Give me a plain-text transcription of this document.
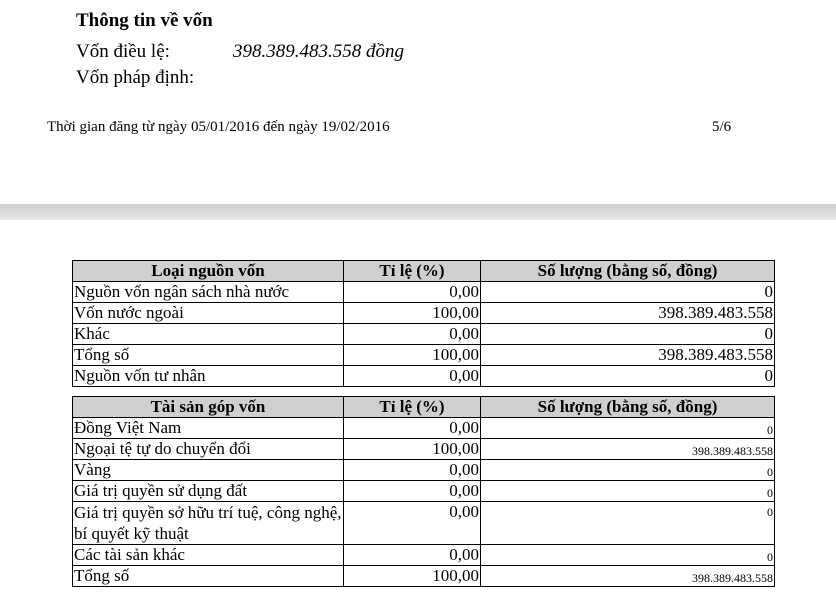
Thông tin về vốn
Vốn điều lệ:	398.389.483.558 đồng
Vốn pháp định:
Thời gian đăng từ ngày 05/01/2016 đến ngày 19/02/2016	5/6
Loại nguồn vốn	Tỉ lệ (%)	Số lượng (bằng số, đồng)
Nguồn vốn ngân sách nhà nước	0,00	0
Vốn nước ngoài	100,00	398.389.483.558
Khác	0,00	0
Tổng số	100,00	398.389.483.558
Nguồn vốn tư nhân	0,00	0
Tài sản góp vốn	Tỉ lệ (%)	Số lượng (bằng số, đồng)
Đồng Việt Nam	0,00	0
Ngoại tệ tự do chuyển đổi	100,00	398.389.483.558
Vàng	0,00	0
Giá trị quyền sử dụng đất	0,00	0
Giá trị quyền sở hữu trí tuệ, công nghệ, bí quyết kỹ thuật	0,00	0
Các tài sản khác	0,00	0
Tổng số	100,00	398.389.483.558
